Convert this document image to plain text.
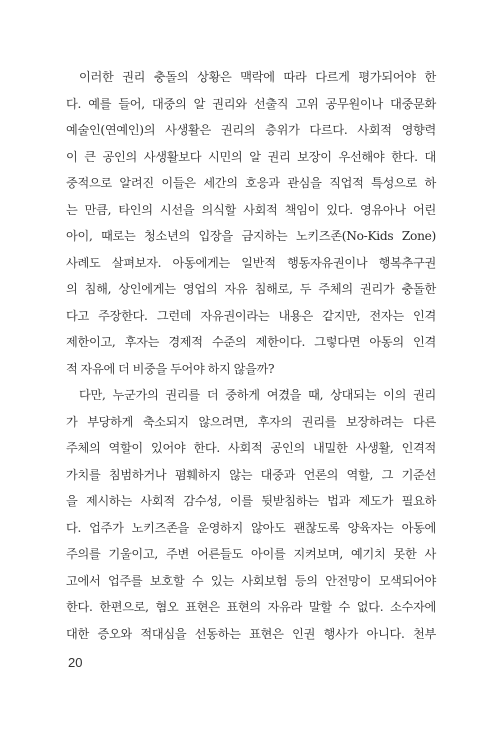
이러한 권리 충돌의 상황은 맥락에 따라 다르게 평가되어야 한
다. 예를 들어, 대중의 알 권리와 선출직 고위 공무원이나 대중문화
예술인(연예인)의 사생활은 권리의 층위가 다르다. 사회적 영향력
이 큰 공인의 사생활보다 시민의 알 권리 보장이 우선해야 한다. 대
중적으로 알려진 이들은 세간의 호응과 관심을 직업적 특성으로 하
는 만큼, 타인의 시선을 의식할 사회적 책임이 있다. 영유아나 어린
아이, 때로는 청소년의 입장을 금지하는 노키즈존(No-Kids Zone)
사례도 살펴보자. 아동에게는 일반적 행동자유권이나 행복추구권
의 침해, 상인에게는 영업의 자유 침해로, 두 주체의 권리가 충돌한
다고 주장한다. 그런데 자유권이라는 내용은 같지만, 전자는 인격
제한이고, 후자는 경제적 수준의 제한이다. 그렇다면 아동의 인격
적 자유에 더 비중을 두어야 하지 않을까?

다만, 누군가의 권리를 더 중하게 여겼을 때, 상대되는 이의 권리
가 부당하게 축소되지 않으려면, 후자의 권리를 보장하려는 다른
주체의 역할이 있어야 한다. 사회적 공인의 내밀한 사생활, 인격적
가치를 침범하거나 폄훼하지 않는 대중과 언론의 역할, 그 기준선
을 제시하는 사회적 감수성, 이를 뒷받침하는 법과 제도가 필요하
다. 업주가 노키즈존을 운영하지 않아도 괜찮도록 양육자는 아동에
주의를 기울이고, 주변 어른들도 아이를 지켜보며, 예기치 못한 사
고에서 업주를 보호할 수 있는 사회보험 등의 안전망이 모색되어야
한다. 한편으로, 혐오 표현은 표현의 자유라 말할 수 없다. 소수자에
대한 증오와 적대심을 선동하는 표현은 인권 행사가 아니다. 천부

20
